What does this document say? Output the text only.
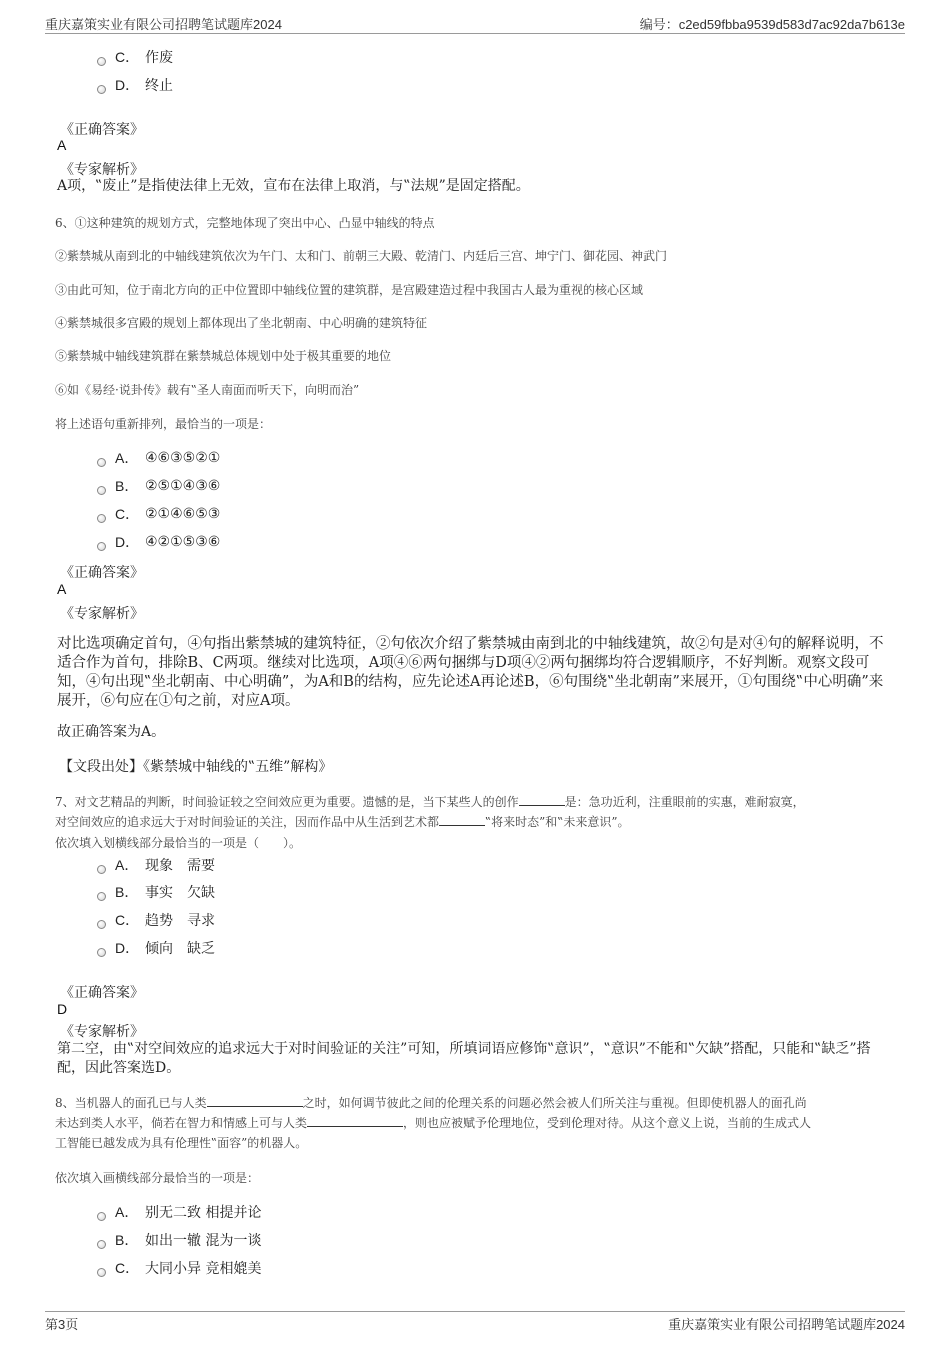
重庆嘉策实业有限公司招聘笔试题库2024	编号：c2ed59fbba9539d583d7ac92da7b613e
C． 作废
D． 终止
《正确答案》
A
《专家解析》
A项，‟废止”是指使法律上无效，宣布在法律上取消，与‟法规”是固定搭配。
6、①这种建筑的规划方式，完整地体现了突出中心、凸显中轴线的特点
②紫禁城从南到北的中轴线建筑依次为午门、太和门、前朝三大殿、乾清门、内廷后三宫、坤宁门、御花园、神武门
③由此可知，位于南北方向的正中位置即中轴线位置的建筑群，是宫殿建造过程中我国古人最为重视的核心区域
④紫禁城很多宫殿的规划上都体现出了坐北朝南、中心明确的建筑特征
⑤紫禁城中轴线建筑群在紫禁城总体规划中处于极其重要的地位
⑥如《易经·说卦传》载有‟圣人南面而听天下，向明而治”
将上述语句重新排列，最恰当的一项是：
A． ④⑥③⑤②①
B． ②⑤①④③⑥
C． ②①④⑥⑤③
D． ④②①⑤③⑥
《正确答案》
A
《专家解析》
对比选项确定首句，④句指出紫禁城的建筑特征，②句依次介绍了紫禁城由南到北的中轴线建筑，故②句是对④句的解释说明，不适合作为首句，排除B、C两项。继续对比选项，A项④⑥两句捆绑与D项④②两句捆绑均符合逻辑顺序，不好判断。观察文段可知，④句出现‟坐北朝南、中心明确”，为A和B的结构，应先论述A再论述B，⑥句围绕‟坐北朝南”来展开，①句围绕‟中心明确”来展开，⑥句应在①句之前，对应A项。
故正确答案为A。
【文段出处】《紫禁城中轴线的‟五维”解构》
7、对文艺精品的判断，时间验证较之空间效应更为重要。遗憾的是，当下某些人的创作	是：急功近利，注重眼前的实惠，难耐寂寞，
对空间效应的追求远大于对时间验证的关注，因而作品中从生活到艺术都	‟将来时态”和‟未来意识”。
依次填入划横线部分最恰当的一项是（　　）。
A． 现象　需要
B． 事实　欠缺
C． 趋势　寻求
D． 倾向　缺乏
《正确答案》
D
《专家解析》
第二空，由‟对空间效应的追求远大于对时间验证的关注”可知，所填词语应修饰‟意识”，‟意识”不能和‟欠缺”搭配，只能和‟缺乏”搭配，因此答案选D。
8、当机器人的面孔已与人类	之时，如何调节彼此之间的伦理关系的问题必然会被人们所关注与重视。但即使机器人的面孔尚
未达到类人水平，倘若在智力和情感上可与人类	，则也应被赋予伦理地位，受到伦理对待。从这个意义上说，当前的生成式人
工智能已越发成为具有伦理性‟面容”的机器人。
依次填入画横线部分最恰当的一项是：
A． 别无二致 相提并论
B． 如出一辙 混为一谈
C． 大同小异 竞相媲美
第3页	重庆嘉策实业有限公司招聘笔试题库2024
